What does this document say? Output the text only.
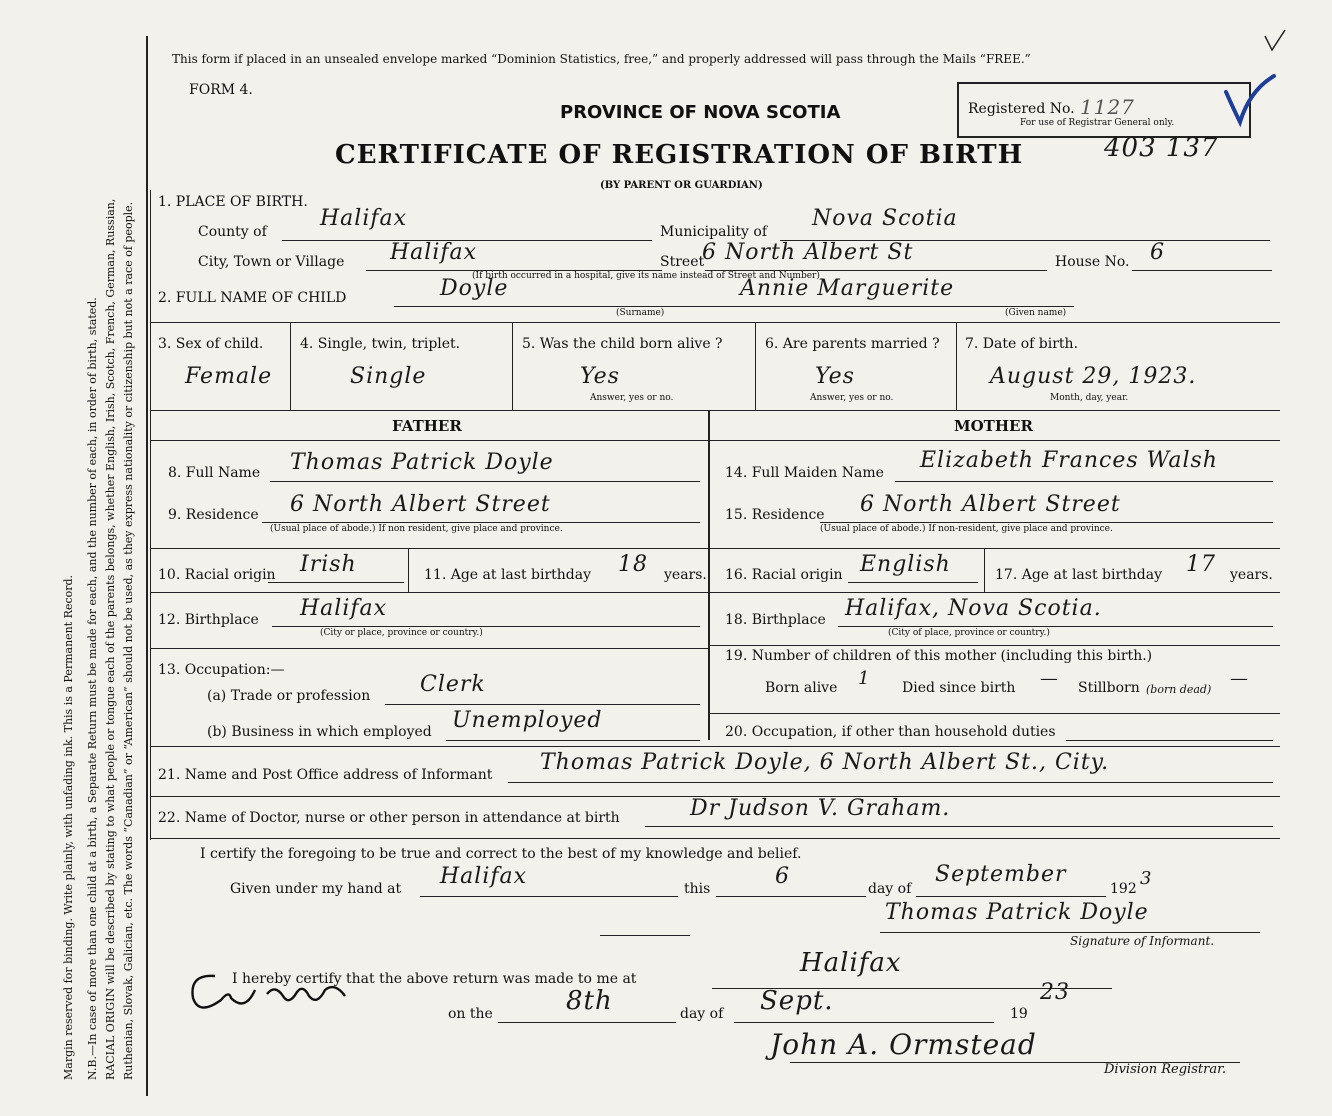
Margin reserved for binding. Write plainly, with unfading ink. This is a Permanent Record. N.B.—In case of more than one child at a birth, a Separate Return must be made for each, and the number of each, in order of birth, stated. RACIAL ORIGIN will be described by stating to what people or tongue each of the parents belongs, whether English, Irish, Scotch, French, German, Russian, Ruthenian, Slovak, Galician, etc. The words “Canadian” or “American” should not be used, as they express nationality or citizenship but not a race of people.
This form if placed in an unsealed envelope marked “Dominion Statistics, free,” and properly addressed will pass through the Mails “FREE.”
FORM 4.
PROVINCE OF NOVA SCOTIA
CERTIFICATE OF REGISTRATION OF BIRTH
(BY PARENT OR GUARDIAN)
Registered No. 1127
For use of Registrar General only.
403 137
1. PLACE OF BIRTH.
County of
Halifax
Municipality of
Nova Scotia
City, Town or Village Halifax	Street
6 North Albert St
(If birth occurred in a hospital, give its name instead of Street and Number)
House No. 6
2. FULL NAME OF CHILD	Doyle	Annie Marguerite
(Surname)	(Given name)
3. Sex of child.
Female
4. Single, twin, triplet.
Single
5. Was the child born alive ?
Yes
Answer, yes or no.
6. Are parents married ?
Yes
Answer, yes or no.
7. Date of birth.
August 29, 1923.
Month, day, year.
FATHER	MOTHER
8. Full Name Thomas Patrick Doyle
9. Residence 6 North Albert Street
(Usual place of abode.) If non resident, give place and province.
10. Racial origin Irish	11. Age at last birthday 18 years.
12. Birthplace Halifax
(City or place, province or country.)
13. Occupation:—
(a) Trade or profession Clerk
(b) Business in which employed Unemployed
14. Full Maiden Name Elizabeth Frances Walsh
15. Residence 6 North Albert Street
(Usual place of abode.) If non-resident, give place and province.
16. Racial origin English	17. Age at last birthday 17 years.
18. Birthplace Halifax, Nova Scotia.
(City of place, province or country.)
19. Number of children of this mother (including this birth.)
Born alive 1 Died since birth — Stillborn (born dead)
—
20. Occupation, if other than household duties
21. Name and Post Office address of Informant Thomas Patrick Doyle, 6 North Albert St., City.
22. Name of Doctor, nurse or other person in attendance at birth	Dr Judson V. Graham.
I certify the foregoing to be true and correct to the best of my knowledge and belief.
Given under my hand at Halifax	this	6	day of
September
192 3
Thomas Patrick Doyle
Signature of Informant.
I hereby certify that the above return was made to me at
Halifax
on the	8th	day of Sept.	19
23
John A. Ormstead
Division Registrar.
